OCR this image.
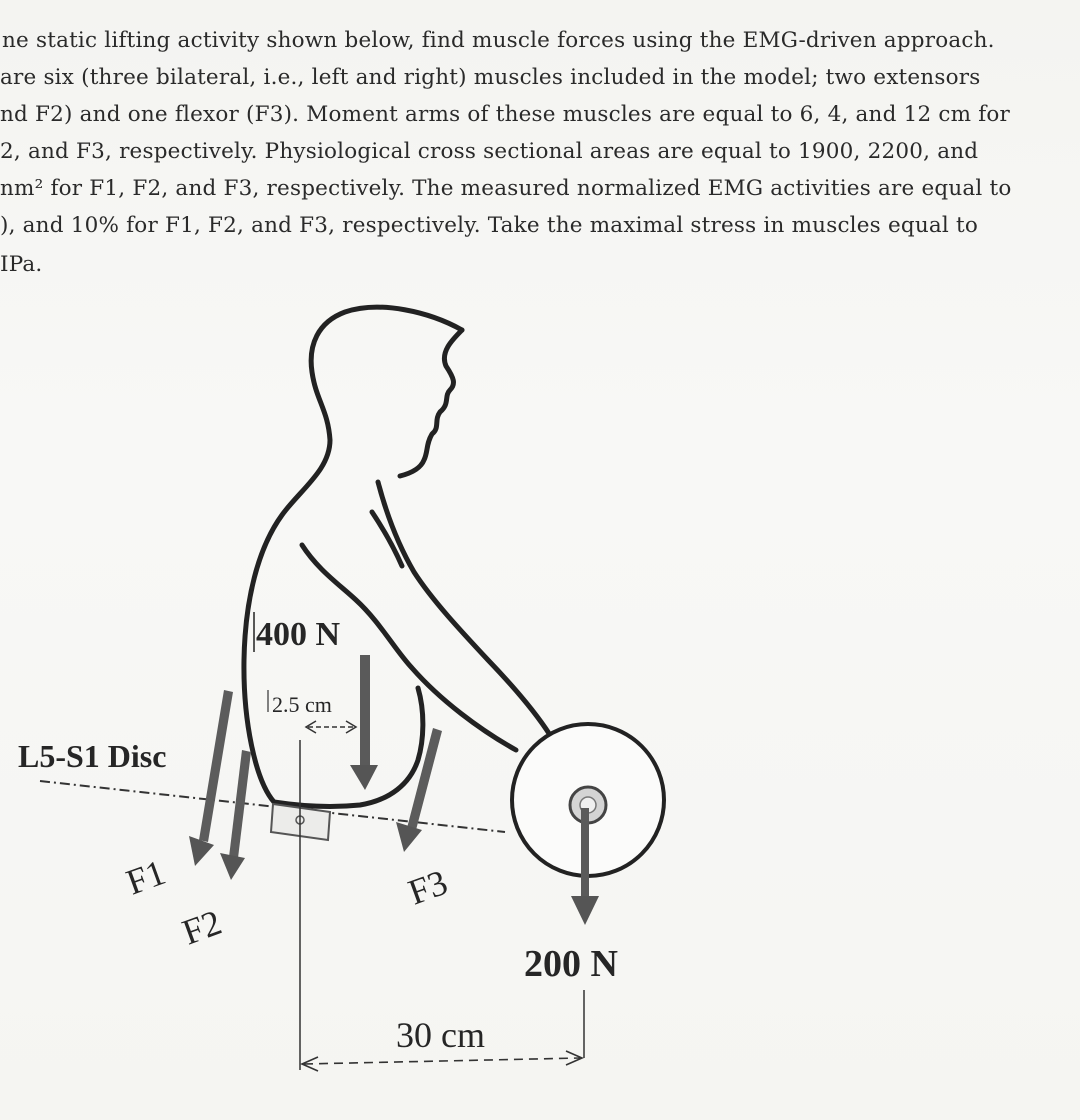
ne static lifting activity shown below, find muscle forces using the EMG-driven approach.
are six (three bilateral, i.e., left and right) muscles included in the model; two extensors
nd F2) and one flexor (F3). Moment arms of these muscles are equal to 6, 4, and 12 cm for
2, and F3, respectively. Physiological cross sectional areas are equal to 1900, 2200, and
nm² for F1, F2, and F3, respectively. The measured normalized EMG activities are equal to
), and 10% for F1, F2, and F3, respectively. Take the maximal stress in muscles equal to
IPa.
400 N
2.5 cm
L5-S1 Disc
F1
F2
F3
200 N
30 cm
